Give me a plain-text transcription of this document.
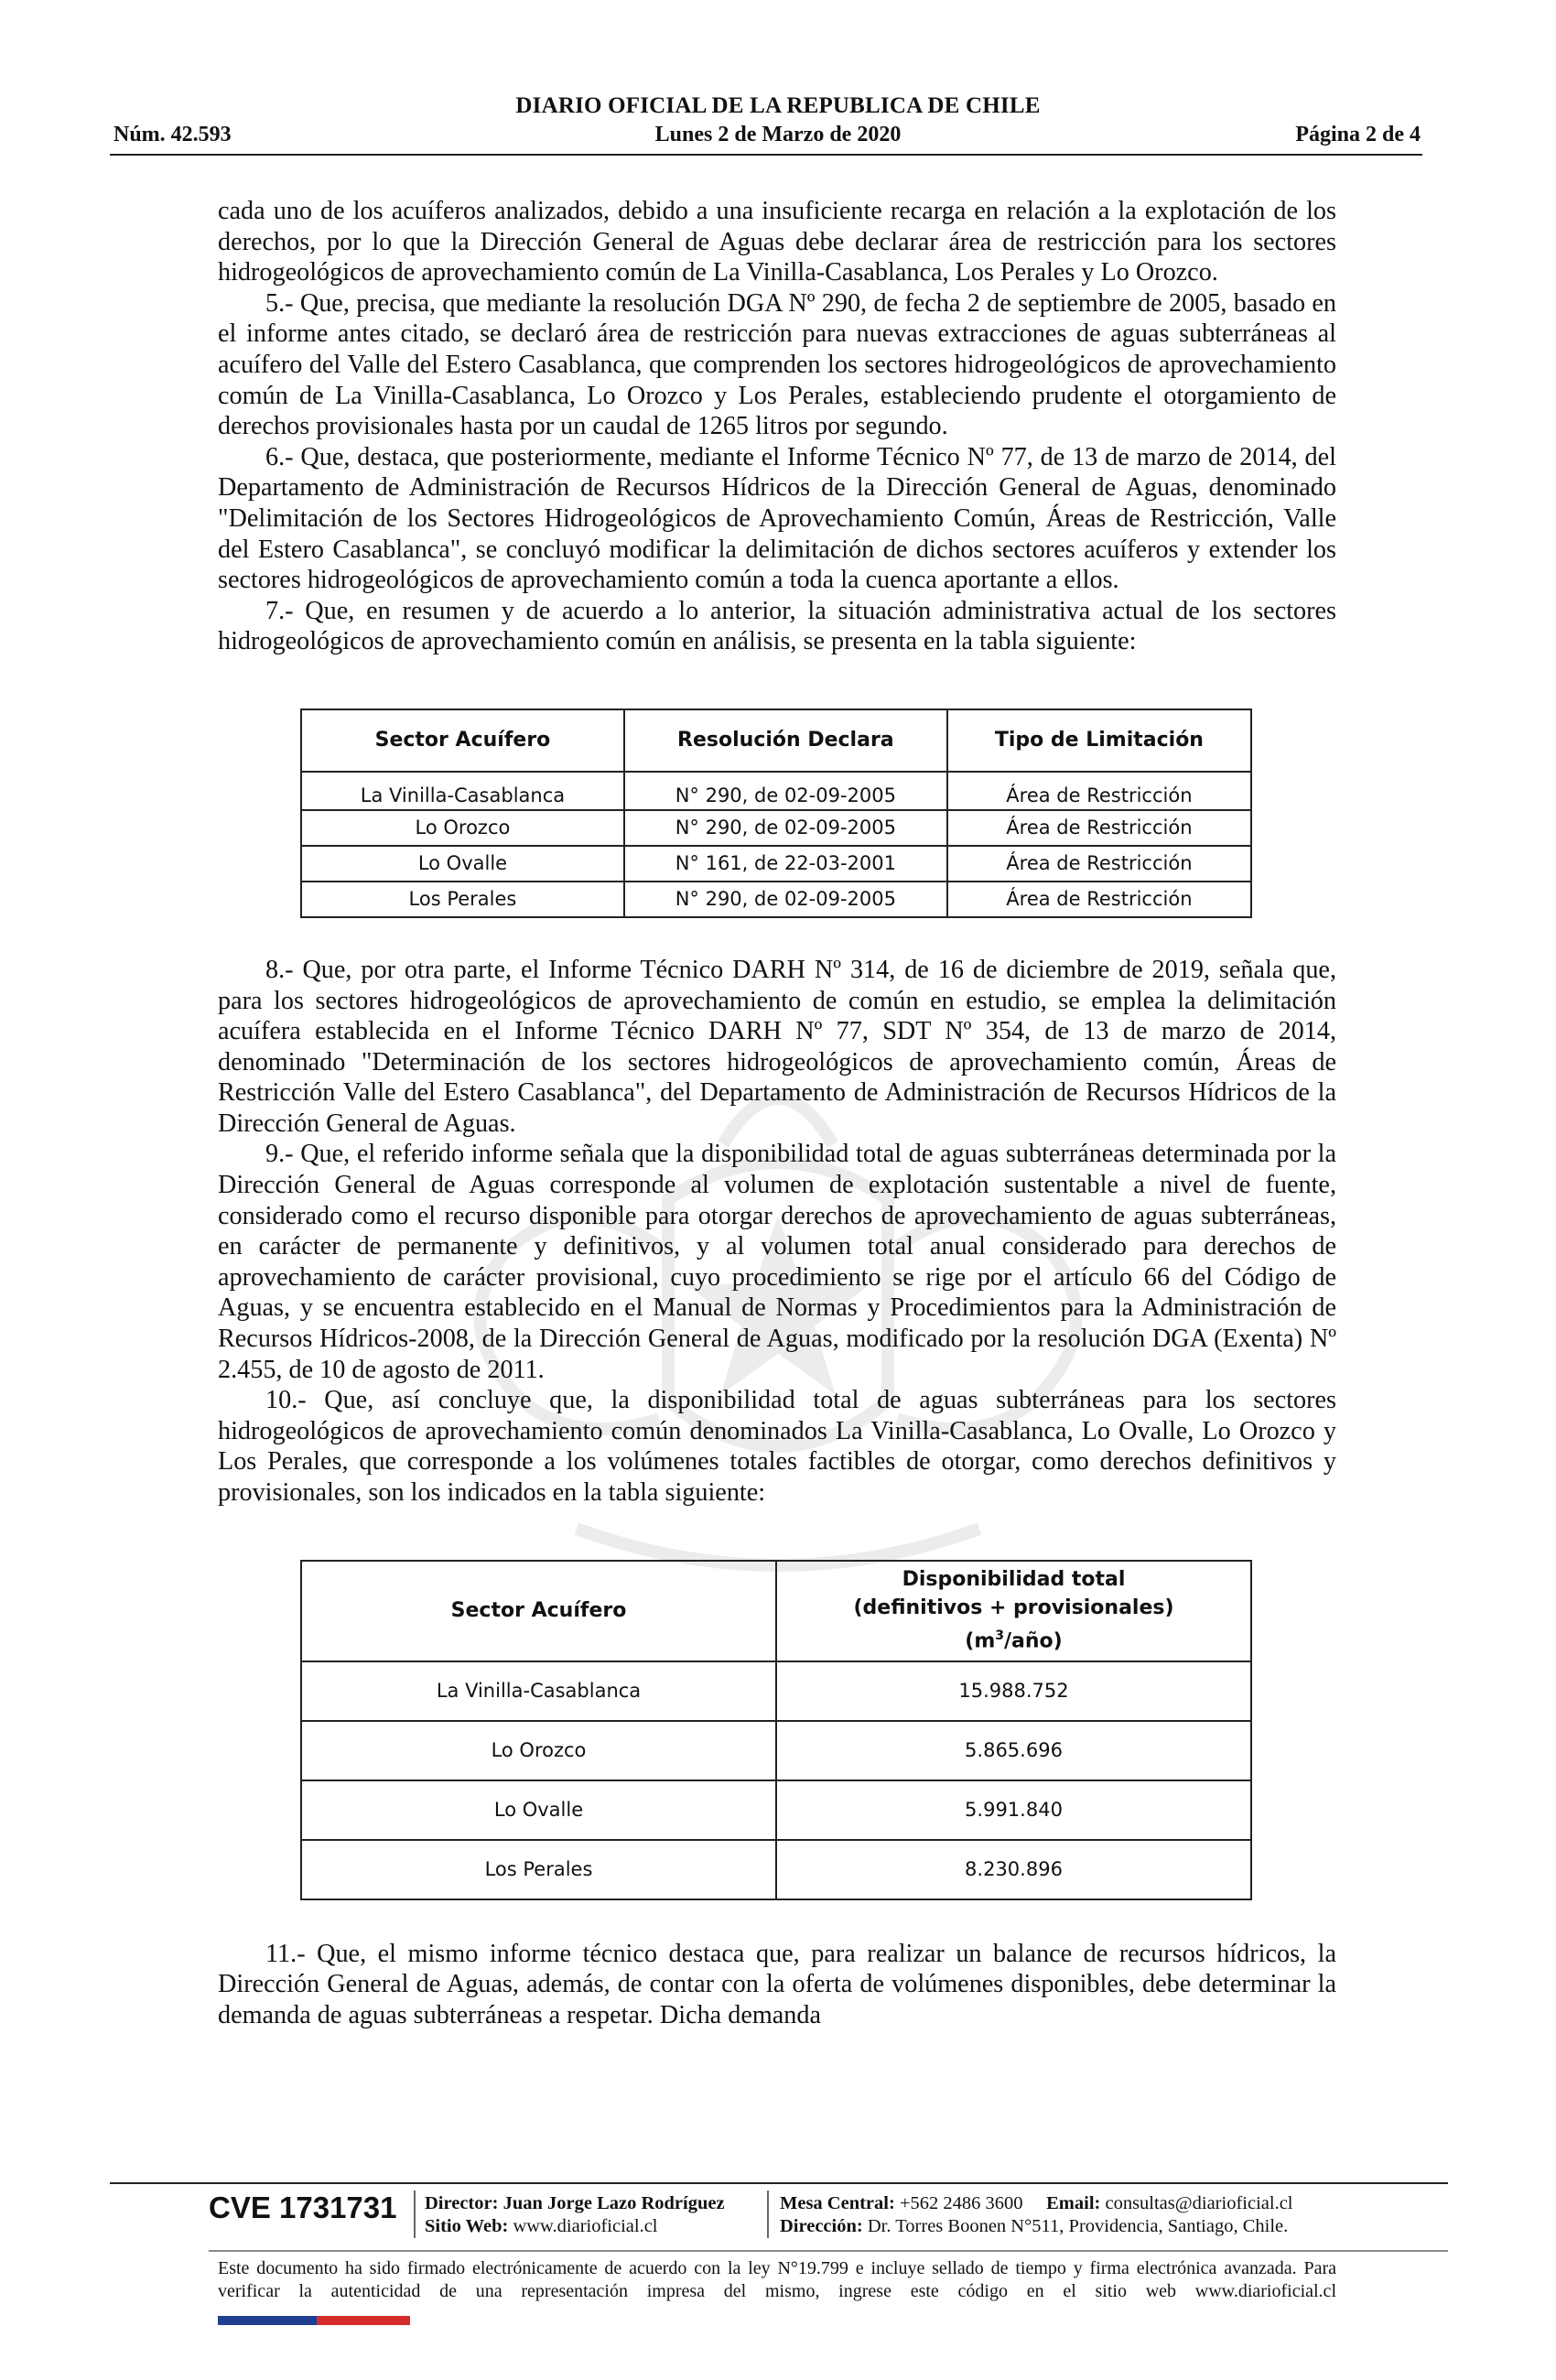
DIARIO OFICIAL DE LA REPUBLICA DE CHILE
Núm. 42.593	Lunes 2 de Marzo de 2020	Página 2 de 4

cada uno de los acuíferos analizados, debido a una insuficiente recarga en relación a la explotación de los derechos, por lo que la Dirección General de Aguas debe declarar área de restricción para los sectores hidrogeológicos de aprovechamiento común de La Vinilla-Casablanca, Los Perales y Lo Orozco.

5.- Que, precisa, que mediante la resolución DGA Nº 290, de fecha 2 de septiembre de 2005, basado en el informe antes citado, se declaró área de restricción para nuevas extracciones de aguas subterráneas al acuífero del Valle del Estero Casablanca, que comprenden los sectores hidrogeológicos de aprovechamiento común de La Vinilla-Casablanca, Lo Orozco y Los Perales, estableciendo prudente el otorgamiento de derechos provisionales hasta por un caudal de 1265 litros por segundo.

6.- Que, destaca, que posteriormente, mediante el Informe Técnico Nº 77, de 13 de marzo de 2014, del Departamento de Administración de Recursos Hídricos de la Dirección General de Aguas, denominado "Delimitación de los Sectores Hidrogeológicos de Aprovechamiento Común, Áreas de Restricción, Valle del Estero Casablanca", se concluyó modificar la delimitación de dichos sectores acuíferos y extender los sectores hidrogeológicos de aprovechamiento común a toda la cuenca aportante a ellos.

7.- Que, en resumen y de acuerdo a lo anterior, la situación administrativa actual de los sectores hidrogeológicos de aprovechamiento común en análisis, se presenta en la tabla siguiente:

Sector Acuífero	Resolución Declara	Tipo de Limitación
La Vinilla-Casablanca	N° 290, de 02-09-2005	Área de Restricción
Lo Orozco	N° 290, de 02-09-2005	Área de Restricción
Lo Ovalle	N° 161, de 22-03-2001	Área de Restricción
Los Perales	N° 290, de 02-09-2005	Área de Restricción

8.- Que, por otra parte, el Informe Técnico DARH Nº 314, de 16 de diciembre de 2019, señala que, para los sectores hidrogeológicos de aprovechamiento de común en estudio, se emplea la delimitación acuífera establecida en el Informe Técnico DARH Nº 77, SDT Nº 354, de 13 de marzo de 2014, denominado "Determinación de los sectores hidrogeológicos de aprovechamiento común, Áreas de Restricción Valle del Estero Casablanca", del Departamento de Administración de Recursos Hídricos de la Dirección General de Aguas.

9.- Que, el referido informe señala que la disponibilidad total de aguas subterráneas determinada por la Dirección General de Aguas corresponde al volumen de explotación sustentable a nivel de fuente, considerado como el recurso disponible para otorgar derechos de aprovechamiento de aguas subterráneas, en carácter de permanente y definitivos, y al volumen total anual considerado para derechos de aprovechamiento de carácter provisional, cuyo procedimiento se rige por el artículo 66 del Código de Aguas, y se encuentra establecido en el Manual de Normas y Procedimientos para la Administración de Recursos Hídricos-2008, de la Dirección General de Aguas, modificado por la resolución DGA (Exenta) Nº 2.455, de 10 de agosto de 2011.

10.- Que, así concluye que, la disponibilidad total de aguas subterráneas para los sectores hidrogeológicos de aprovechamiento común denominados La Vinilla-Casablanca, Lo Ovalle, Lo Orozco y Los Perales, que corresponde a los volúmenes totales factibles de otorgar, como derechos definitivos y provisionales, son los indicados en la tabla siguiente:

Sector Acuífero	Disponibilidad total
(definitivos + provisionales)
$(m^3/año)$
La Vinilla-Casablanca	15.988.752
Lo Orozco	5.865.696
Lo Ovalle	5.991.840
Los Perales	8.230.896

11.- Que, el mismo informe técnico destaca que, para realizar un balance de recursos hídricos, la Dirección General de Aguas, además, de contar con la oferta de volúmenes disponibles, debe determinar la demanda de aguas subterráneas a respetar. Dicha demanda

CVE 1731731 Director: Juan Jorge Lazo Rodríguez
Sitio Web: www.diarioficial.cl
Mesa Central: +562 2486 3600 Email: consultas@diarioficial.cl
Dirección: Dr. Torres Boonen N°511, Providencia, Santiago, Chile.
Este documento ha sido firmado electrónicamente de acuerdo con la ley N°19.799 e incluye sellado de tiempo y firma electrónica avanzada. Para verificar la autenticidad de una representación impresa del mismo, ingrese este código en el sitio web www.diarioficial.cl
